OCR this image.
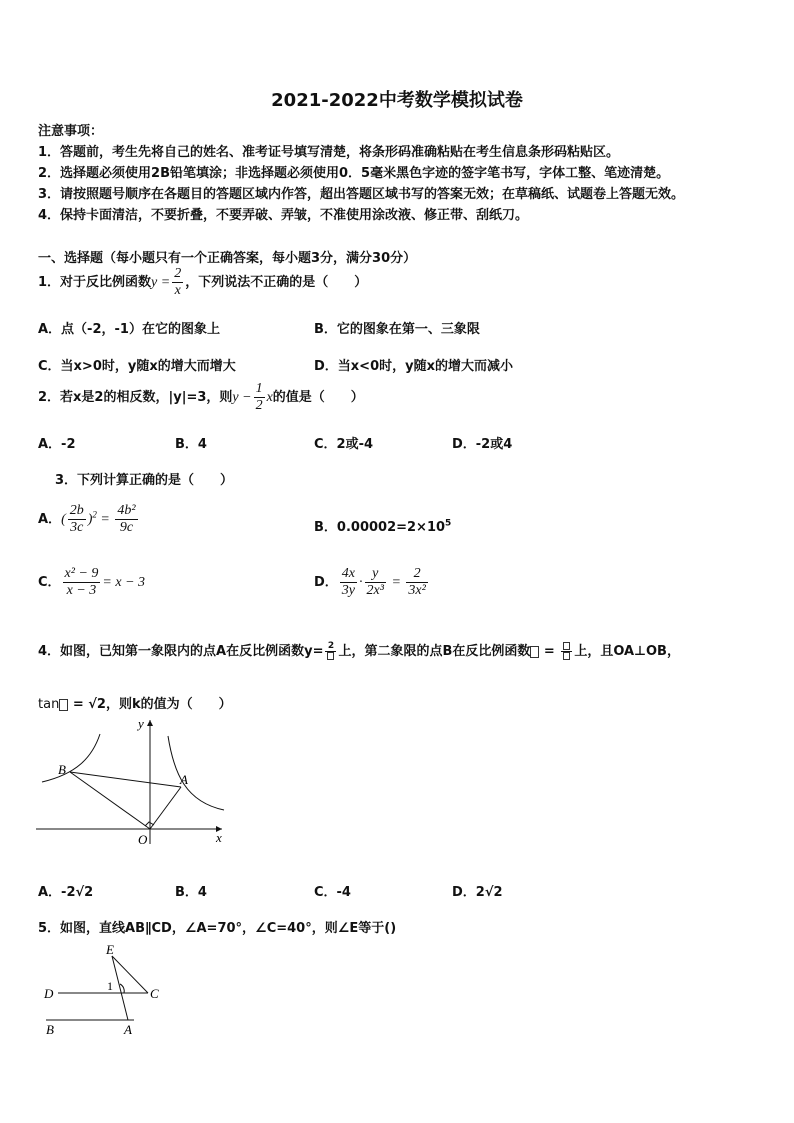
2021-2022中考数学模拟试卷
注意事项：
1．答题前，考生先将自己的姓名、准考证号填写清楚，将条形码准确粘贴在考生信息条形码粘贴区。
2．选择题必须使用2B铅笔填涂；非选择题必须使用0．5毫米黑色字迹的签字笔书写，字体工整、笔迹清楚。
3．请按照题号顺序在各题目的答题区域内作答，超出答题区域书写的答案无效；在草稿纸、试题卷上答题无效。
4．保持卡面清洁，不要折叠，不要弄破、弄皱，不准使用涂改液、修正带、刮纸刀。
一、选择题（每小题只有一个正确答案，每小题3分，满分30分）
1．对于反比例函数$y = \frac{2}{x}$ ，下列说法不正确的是（　　）
A．点（-2，-1）在它的图象上	B．它的图象在第一、三象限
C．当x>0时，y随x的增大而增大	D．当x<0时，y随x的增大而减小
2．若x是2的相反数，|y|=3，则$y - \frac{1}{2}$ x的值是（　　）
A．-2	B．4	C．2或-4	D．-2或4
3．下列计算正确的是（　　）
A．( $\frac{2b}{3c} )^2 = \frac{\text{4b²}}{9c}$	B．$0.00002=2\times 10^5$
C． $\frac{\text{x² − 9}}{x - 3} = x - 3$	D． $\frac{4x}{3y} \cdot \frac{y}{\text{2x³}} = \frac{2}{\text{3x²}}$
4．如图，已知第一象限内的点A在反比例函数y= 2 上，第二象限的点B在反比例函数 =
上，且OA⊥OB，
tan = √2，则k的值为（　　）
y
x
O
A
B
A．-2√2	B．4	C．-4	D．2√2
5．如图，直线AB∥CD，∠A=70°，∠C=40°，则∠E等于()
E
D	C
B	A
1
